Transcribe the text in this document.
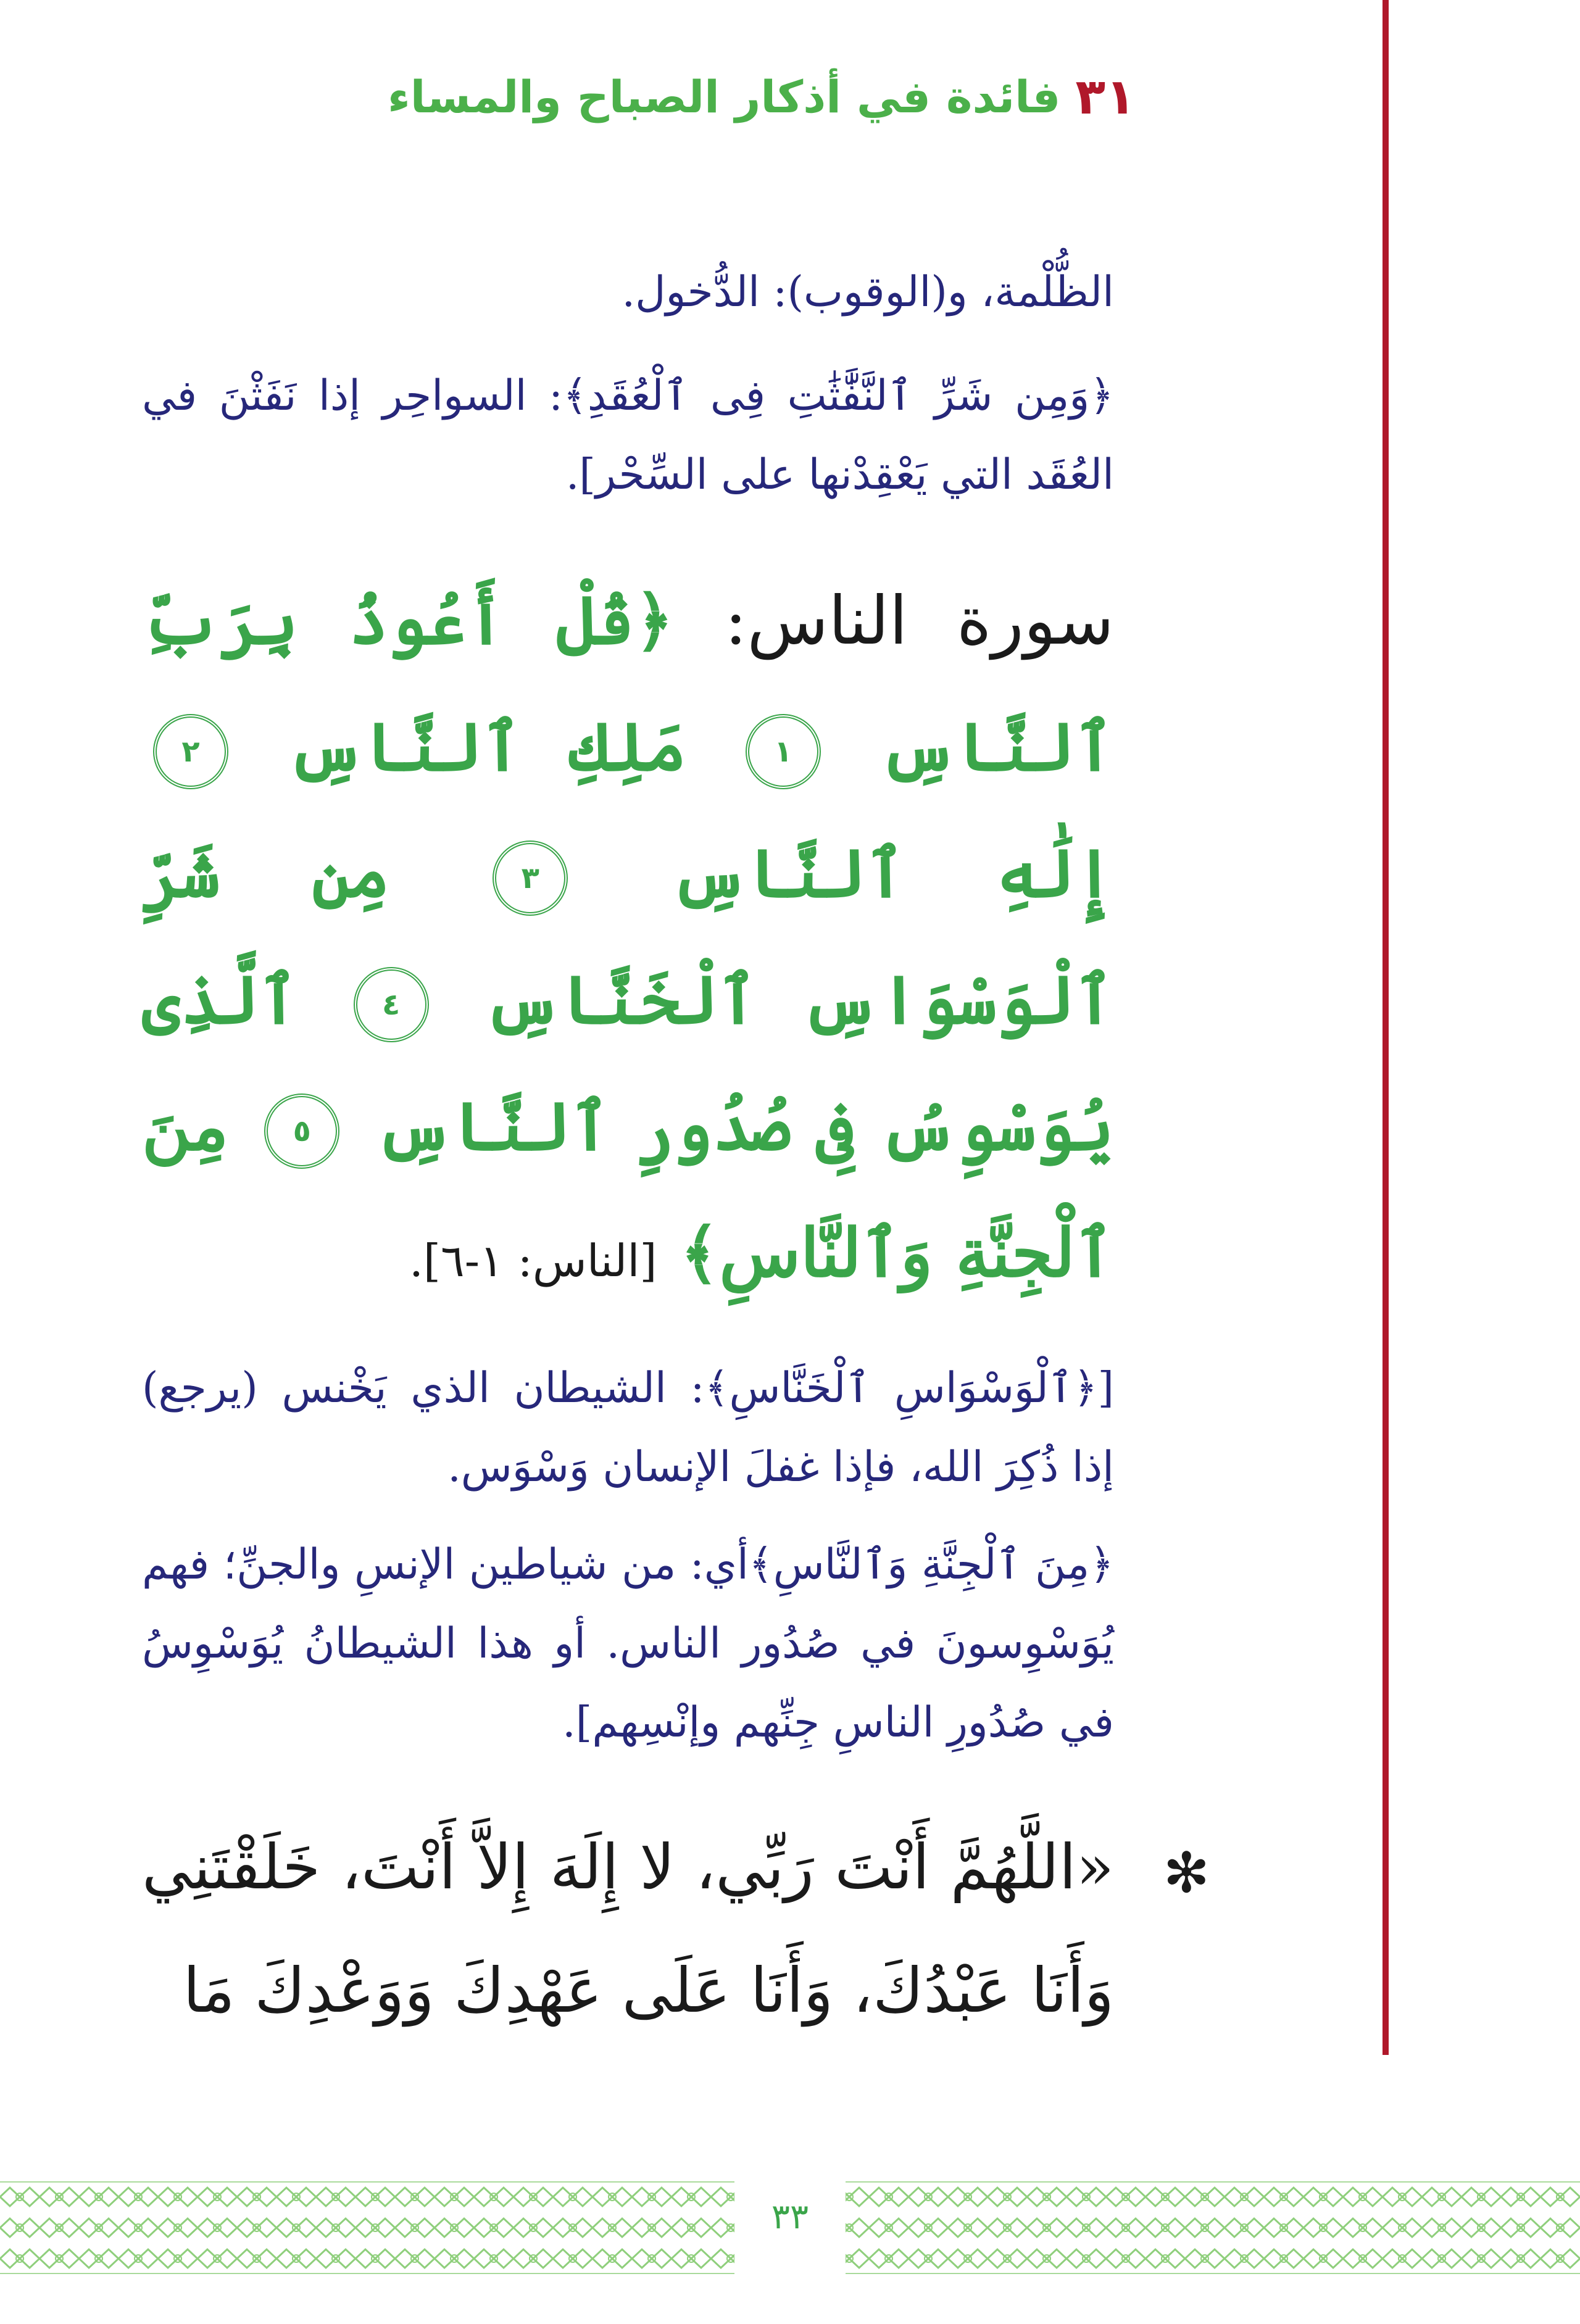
٣١
فائدة في أذكار الصباح والمساء

الظُّلْمة، و(الوقوب): الدُّخول.

﴿وَمِن شَرِّ ٱلنَّفَّٰثَٰتِ فِى ٱلْعُقَدِ﴾: السواحِر إذا نَفَثْنَ في العُقَد التي يَعْقِدْنها على السِّحْر].

سورة الناس: ﴿قُلْ أَعُوذُ بِرَبِّ ٱلنَّاسِ ١ مَلِكِ ٱلنَّاسِ ٢ إِلَٰهِ ٱلنَّاسِ ٣ مِن شَرِّ ٱلْوَسْوَاسِ ٱلْخَنَّاسِ ٤ ٱلَّذِى يُوَسْوِسُ فِى صُدُورِ ٱلنَّاسِ ٥ مِنَ ٱلْجِنَّةِ وَٱلنَّاسِ﴾ [الناس: ١-٦].

[﴿ٱلْوَسْوَاسِ ٱلْخَنَّاسِ﴾: الشيطان الذي يَخْنس (يرجع) إذا ذُكِرَ الله، فإذا غفلَ الإنسان وَسْوَس.

﴿مِنَ ٱلْجِنَّةِ وَٱلنَّاسِ﴾أي: من شياطين الإنسِ والجنِّ؛ فهم يُوَسْوِسونَ في صُدُور الناس. أو هذا الشيطانُ يُوَسْوِسُ في صُدُورِ الناسِ جِنِّهم وإنْسِهم].

✻
«اللَّهُمَّ أَنْتَ رَبِّي، لا إِلَهَ إِلاَّ أَنْتَ، خَلَقْتَنِي وَأَنَا عَبْدُكَ، وَأَنَا عَلَى عَهْدِكَ وَوَعْدِكَ مَا

٣٣
